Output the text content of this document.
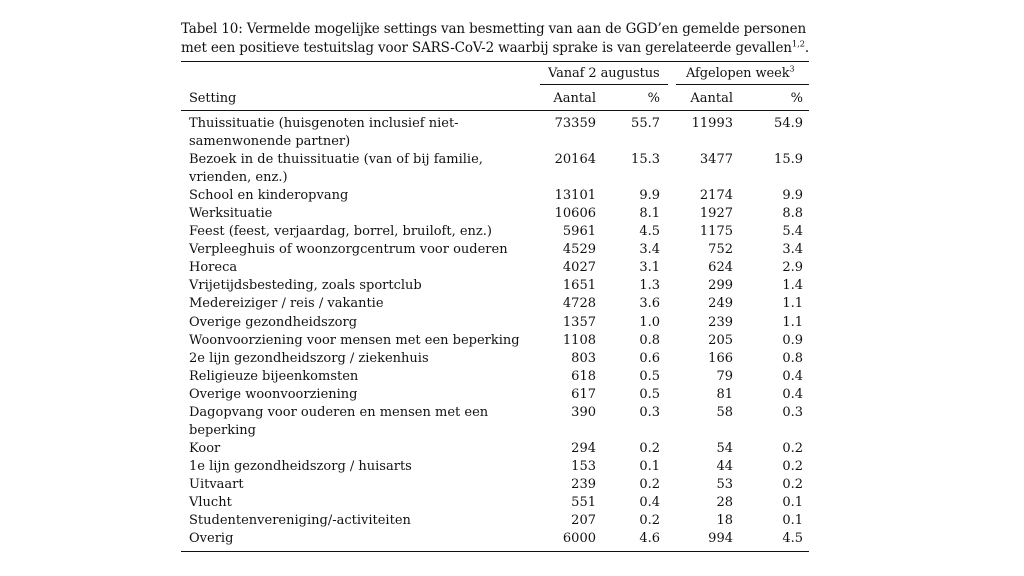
Tabel 10: Vermelde mogelijke settings van besmetting van aan de GGD’en gemelde personen
met een positieve testuitslag voor SARS-CoV-2 waarbij sprake is van gerelateerde gevallen$^{1,2}$.
Vanaf 2 augustus Afgelopen week$^3$
Setting	Aantal	%	Aantal	%
Thuissituatie (huisgenoten inclusief niet-samenwonende partner)
73359	55.7	11993	54.9
Bezoek in de thuissituatie (van of bij familie, vrienden, enz.)
20164	15.3	3477	15.9
School en kinderopvang	13101	9.9	2174	9.9
Werksituatie	10606	8.1	1927	8.8
Feest (feest, verjaardag, borrel, bruiloft, enz.)	5961	4.5	1175	5.4
Verpleeghuis of woonzorgcentrum voor ouderen	4529	3.4	752	3.4
Horeca	4027	3.1	624	2.9
Vrijetijdsbesteding, zoals sportclub	1651	1.3	299	1.4
Medereiziger / reis / vakantie	4728	3.6	249	1.1
Overige gezondheidszorg	1357	1.0	239	1.1
Woonvoorziening voor mensen met een beperking	1108	0.8	205	0.9
2e lijn gezondheidszorg / ziekenhuis	803	0.6	166	0.8
Religieuze bijeenkomsten	618	0.5	79	0.4
Overige woonvoorziening	617	0.5	81	0.4
Dagopvang voor ouderen en mensen met een beperking
390	0.3	58	0.3
Koor	294	0.2	54	0.2
1e lijn gezondheidszorg / huisarts	153	0.1	44	0.2
Uitvaart	239	0.2	53	0.2
Vlucht	551	0.4	28	0.1
Studentenvereniging/-activiteiten	207	0.2	18	0.1
Overig	6000	4.6	994	4.5
